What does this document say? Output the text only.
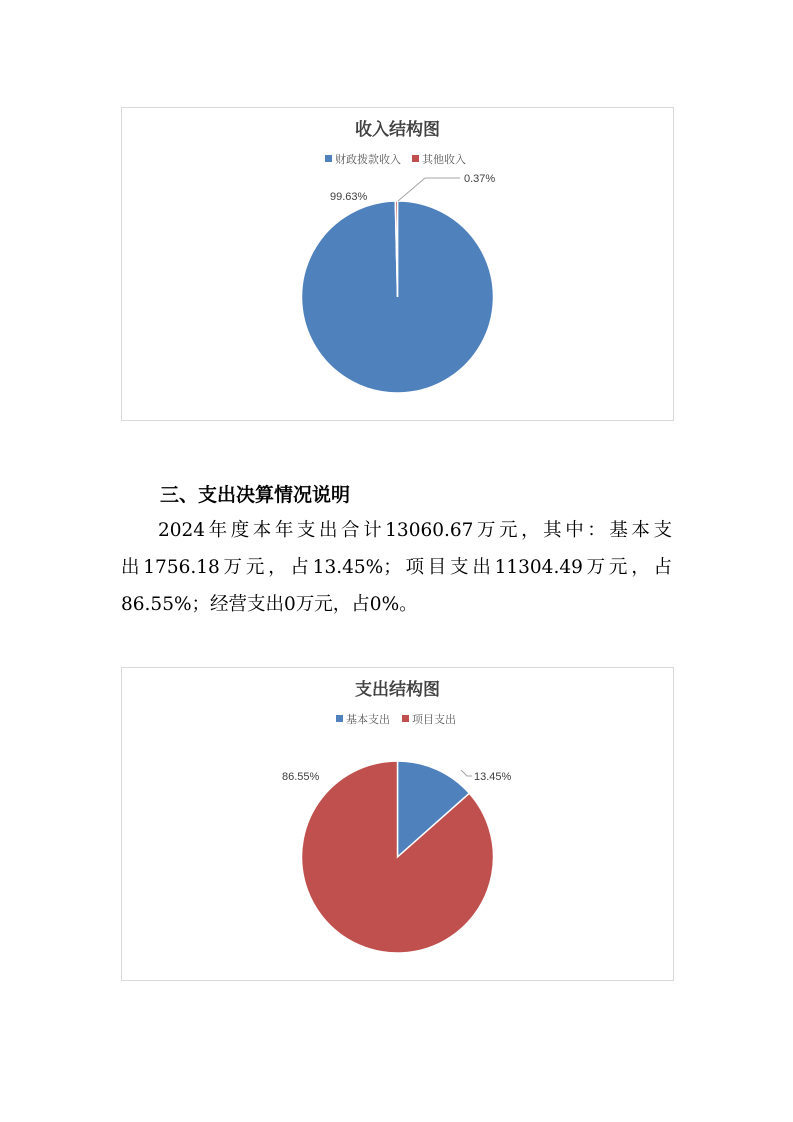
收入结构图
财政拨款收入 其他收入
99.63%
0.37%
三、支出决算情况说明
2024年度本年支出合计13060.67万元，其中：基本支
出1756.18万元，占13.45%；项目支出11304.49万元，占
86.55%；经营支出0万元，占0%。
支出结构图
基本支出 项目支出
13.45%
86.55%
